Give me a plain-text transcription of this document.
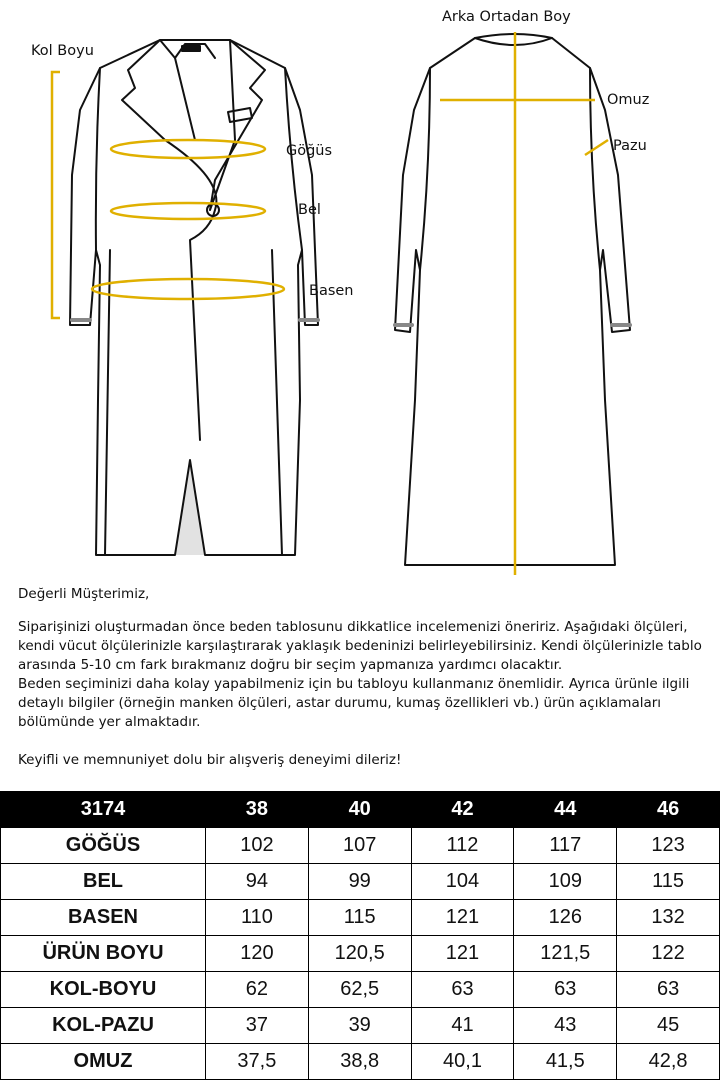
Kol Boyu
Göğüs
Bel
Basen
Arka Ortadan Boy
Omuz
Pazu

Değerli Müşterimiz,

Siparişinizi oluşturmadan önce beden tablosunu dikkatlice incelemenizi öneririz. Aşağıdaki ölçüleri, kendi vücut ölçülerinizle karşılaştırarak yaklaşık bedeninizi belirleyebilirsiniz. Kendi ölçülerinizle tablo arasında 5-10 cm fark bırakmanız doğru bir seçim yapmanıza yardımcı olacaktır.

Beden seçiminizi daha kolay yapabilmeniz için bu tabloyu kullanmanız önemlidir. Ayrıca ürünle ilgili detaylı bilgiler (örneğin manken ölçüleri, astar durumu, kumaş özellikleri vb.) ürün açıklamaları bölümünde yer almaktadır.

Keyifli ve memnuniyet dolu bir alışveriş deneyimi dileriz!

3174	38	40	42	44	46
GÖĞÜS	102	107	112	117	123
BEL	94	99	104	109	115
BASEN	110	115	121	126	132
ÜRÜN BOYU	120	120,5	121	121,5	122
KOL-BOYU	62	62,5	63	63	63
KOL-PAZU	37	39	41	43	45
OMUZ	37,5	38,8	40,1	41,5	42,8
